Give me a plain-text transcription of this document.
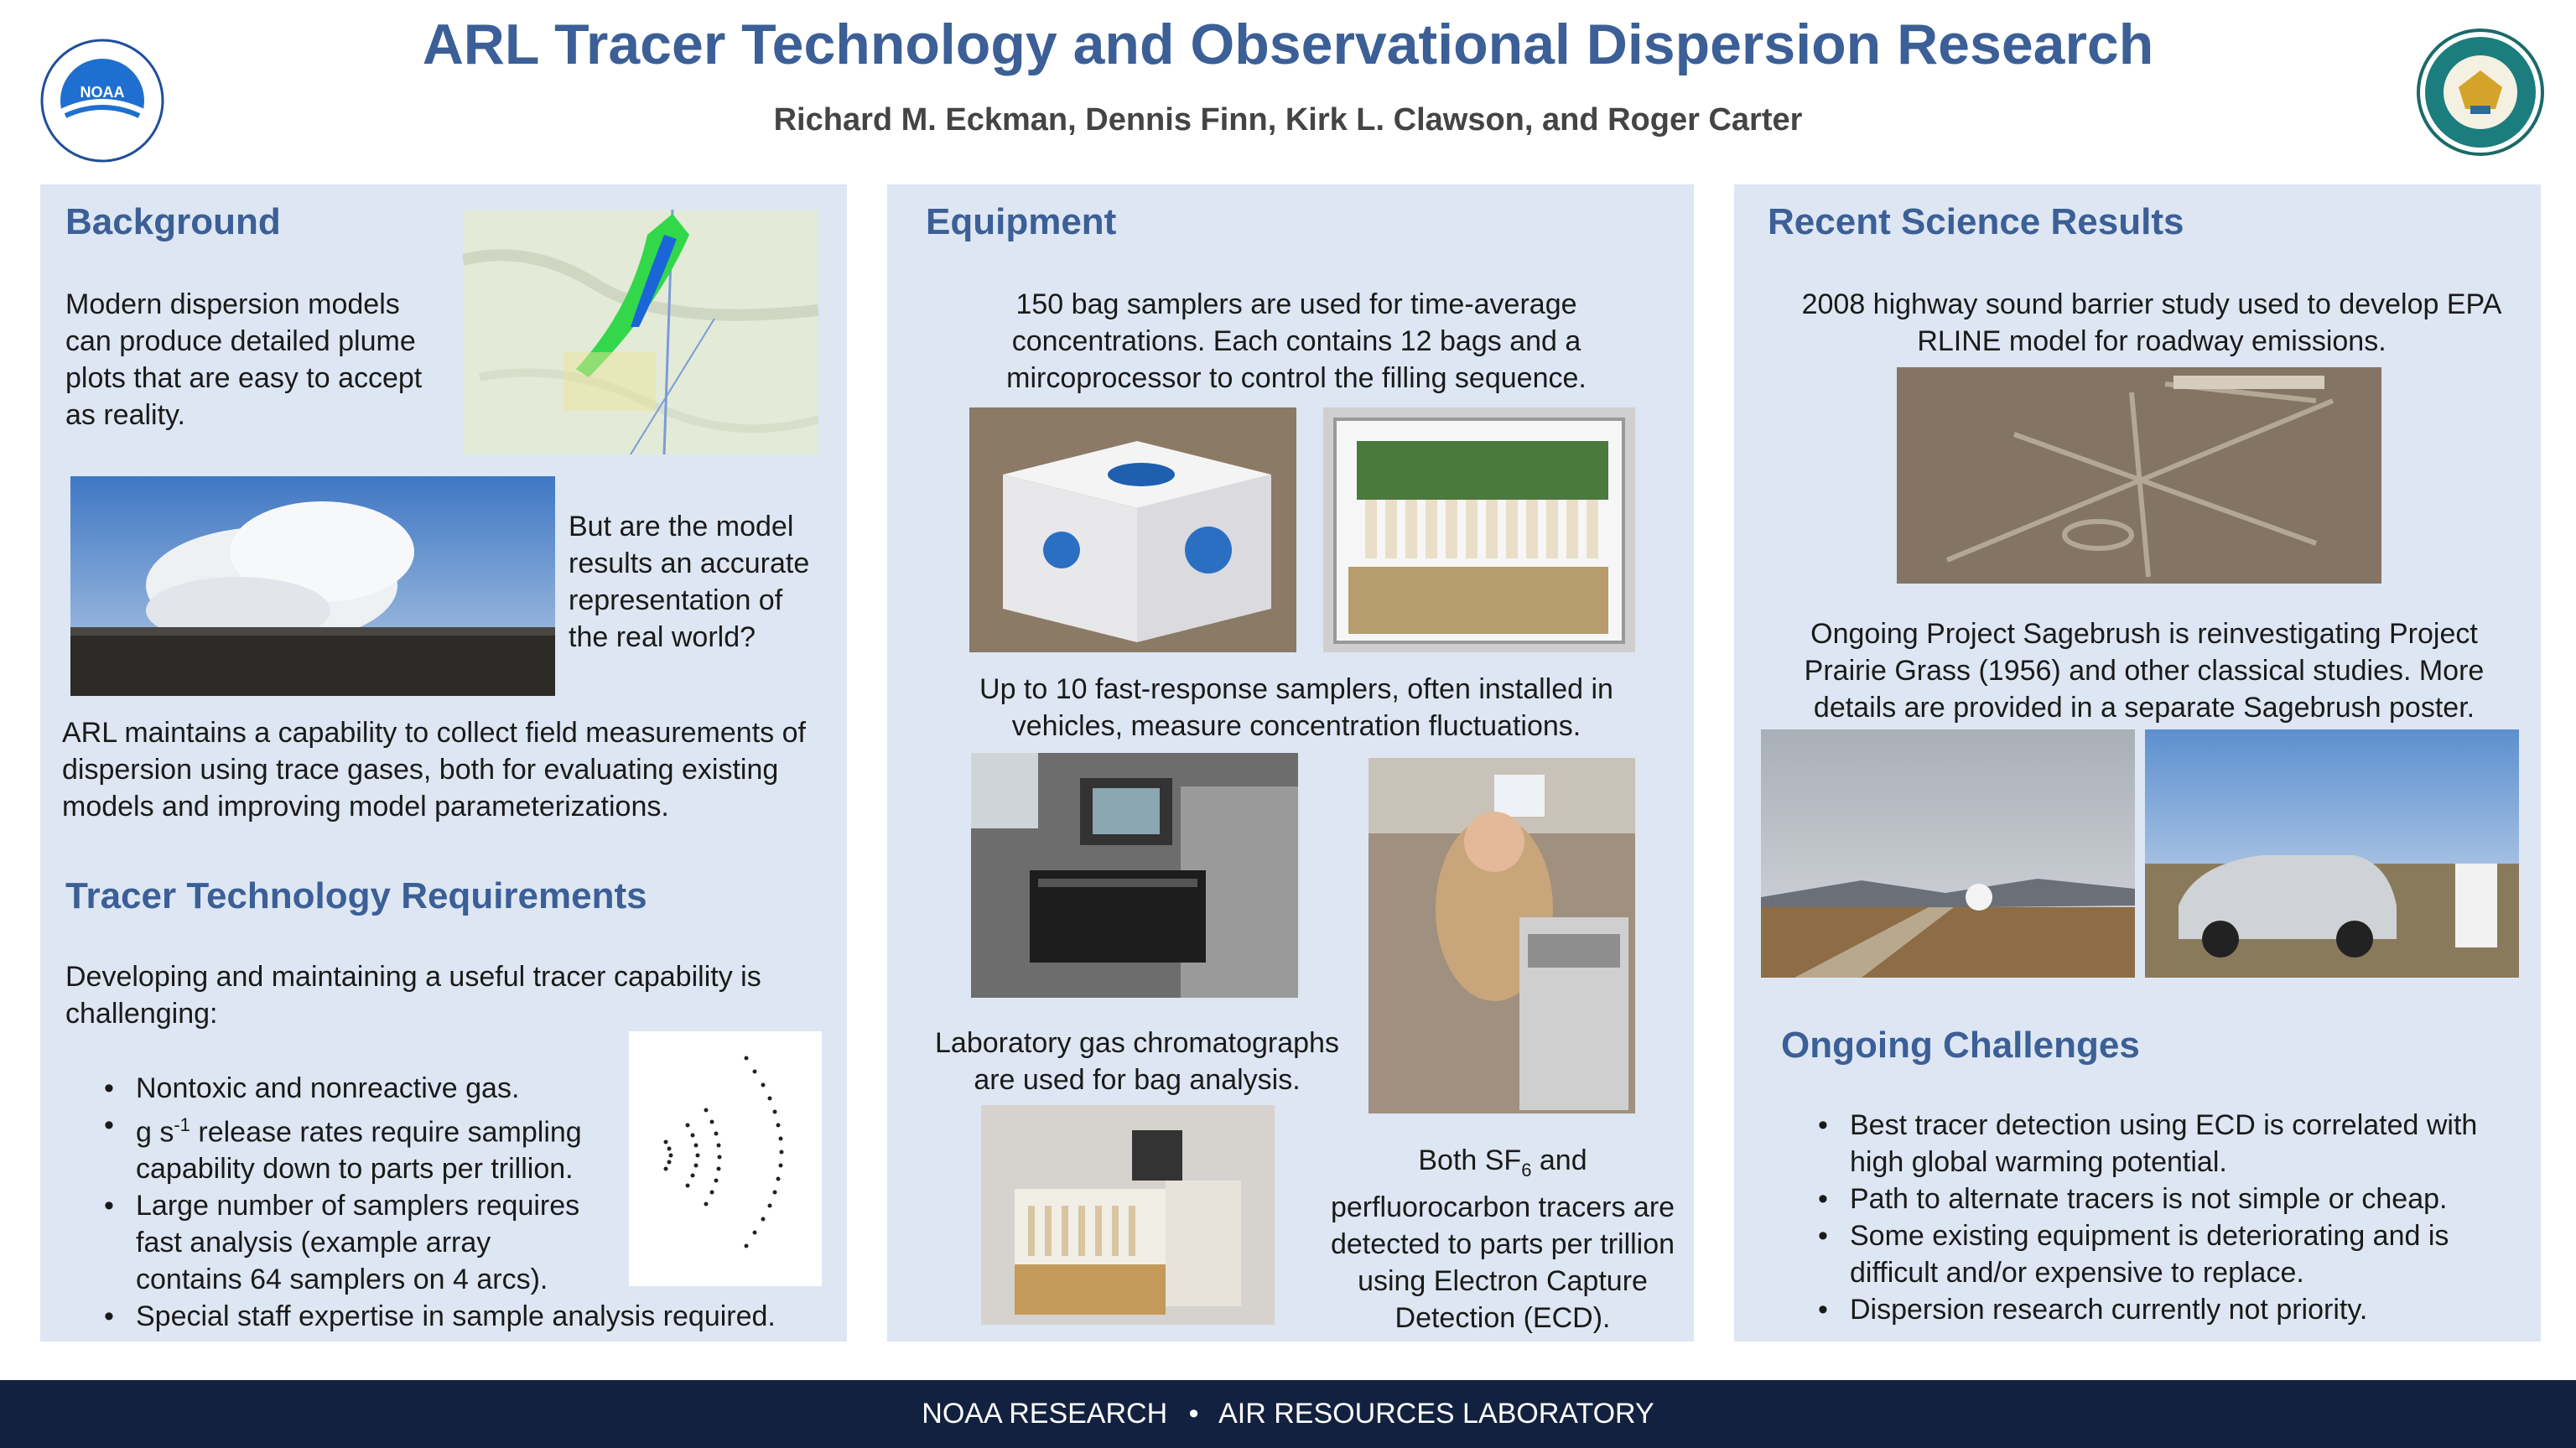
NOAA
ARL Tracer Technology and Observational Dispersion Research
Richard M. Eckman, Dennis Finn, Kirk L. Clawson, and Roger Carter
Background
Modern dispersion models can produce detailed plume plots that are easy to accept as reality.
But are the model results an accurate representation of the real world?
ARL maintains a capability to collect field measurements of dispersion using trace gases, both for evaluating existing models and improving model parameterizations.
Tracer Technology Requirements
Developing and maintaining a useful tracer capability is challenging:
• Nontoxic and nonreactive gas.
• g $s^{-1}$ release rates require sampling capability down to parts per trillion.
• Large number of samplers requires fast analysis (example array contains 64 samplers on 4 arcs).
• Special staff expertise in sample analysis required.
Equipment
150 bag samplers are used for time-average concentrations. Each contains 12 bags and a mircoprocessor to control the filling sequence.
Up to 10 fast-response samplers, often installed in vehicles, measure concentration fluctuations.
Laboratory gas chromatographs are used for bag analysis.
Both $SF_6$ and perfluorocarbon tracers are detected to parts per trillion using Electron Capture Detection (ECD).
Recent Science Results
2008 highway sound barrier study used to develop EPA RLINE model for roadway emissions.
Ongoing Project Sagebrush is reinvestigating Project Prairie Grass (1956) and other classical studies. More details are provided in a separate Sagebrush poster.
Ongoing Challenges
• Best tracer detection using ECD is correlated with high global warming potential.
• Path to alternate tracers is not simple or cheap.
• Some existing equipment is deteriorating and is difficult and/or expensive to replace.
• Dispersion research currently not priority.
NOAA RESEARCH • AIR RESOURCES LABORATORY
